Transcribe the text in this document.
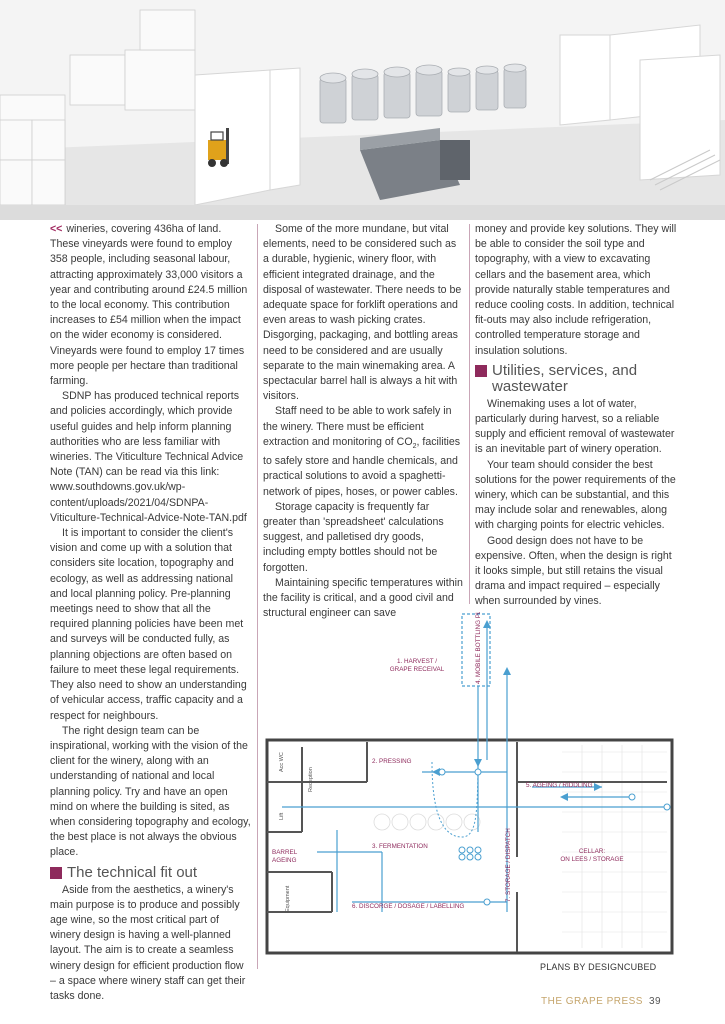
<< wineries, covering 436ha of land. These vineyards were found to employ 358 people, including seasonal labour, attracting approximately 33,000 visitors a year and contributing around £24.5 million to the local economy. This contribution increases to £54 million when the impact on the wider economy is considered. Vineyards were found to employ 17 times more people per hectare than traditional farming.

SDNP has produced technical reports and policies accordingly, which provide useful guides and help inform planning authorities who are less familiar with wineries. The Viticulture Technical Advice Note (TAN) can be read via this link: www.southdowns.gov.uk/wp-content/uploads/2021/04/SDNPA-Viticulture-Technical-Advice-Note-TAN.pdf

It is important to consider the client's vision and come up with a solution that considers site location, topography and ecology, as well as addressing national and local planning policy. Pre-planning meetings need to show that all the required planning policies have been met and surveys will be conducted fully, as planning objections are often based on failure to meet these legal requirements. They also need to show an understanding of vehicular access, traffic capacity and a respect for neighbours.

The right design team can be inspirational, working with the vision of the client for the winery, along with an understanding of national and local planning policy. Try and have an open mind on where the building is sited, as when considering topography and ecology, the best place is not always the obvious place.

The technical fit out

Aside from the aesthetics, a winery's main purpose is to produce and possibly age wine, so the most critical part of winery design is having a well-planned layout. The aim is to create a seamless winery design for efficient production flow – a space where winery staff can get their tasks done.

Some of the more mundane, but vital elements, need to be considered such as a durable, hygienic, winery floor, with efficient integrated drainage, and the disposal of wastewater. There needs to be adequate space for forklift operations and even areas to wash picking crates. Disgorging, packaging, and bottling areas need to be considered and are usually separate to the main winemaking area. A spectacular barrel hall is always a hit with visitors.

Staff need to be able to work safely in the winery. There must be efficient extraction and monitoring of $CO_2$, facilities to safely store and handle chemicals, and practical solutions to avoid a spaghetti-network of pipes, hoses, or power cables.

Storage capacity is frequently far greater than 'spreadsheet' calculations suggest, and palletised dry goods, including empty bottles should not be forgotten.

Maintaining specific temperatures within the facility is critical, and a good civil and structural engineer can save

money and provide key solutions. They will be able to consider the soil type and topography, with a view to excavating cellars and the basement area, which provide naturally stable temperatures and reduce cooling costs. In addition, technical fit-outs may also include refrigeration, controlled temperature storage and insulation solutions.

Utilities, services, and wastewater

Winemaking uses a lot of water, particularly during harvest, so a reliable supply and efficient removal of wastewater is an inevitable part of winery operation.

Your team should consider the best solutions for the power requirements of the winery, which can be substantial, and this may include solar and renewables, along with charging points for electric vehicles.

Good design does not have to be expensive. Often, when the design is right it looks simple, but still retains the visual drama and impact required – especially when surrounded by vines.

1. HARVEST /
GRAPE RECEIVAL	4. MOBILE BOTTLING PLANT
2. PRESSING
5. AGEING / RIDDLING
3. FERMENTATION	7. STORAGE / DISPATCH	CELLAR:
ON LEES / STORAGE
BARREL
AGEING
6. DISCORGE / DOSAGE / LABELLING
Acc WC
Reception
Lift
Equipment
PLANS BY DESIGNCUBED
THE GRAPE PRESS 39
